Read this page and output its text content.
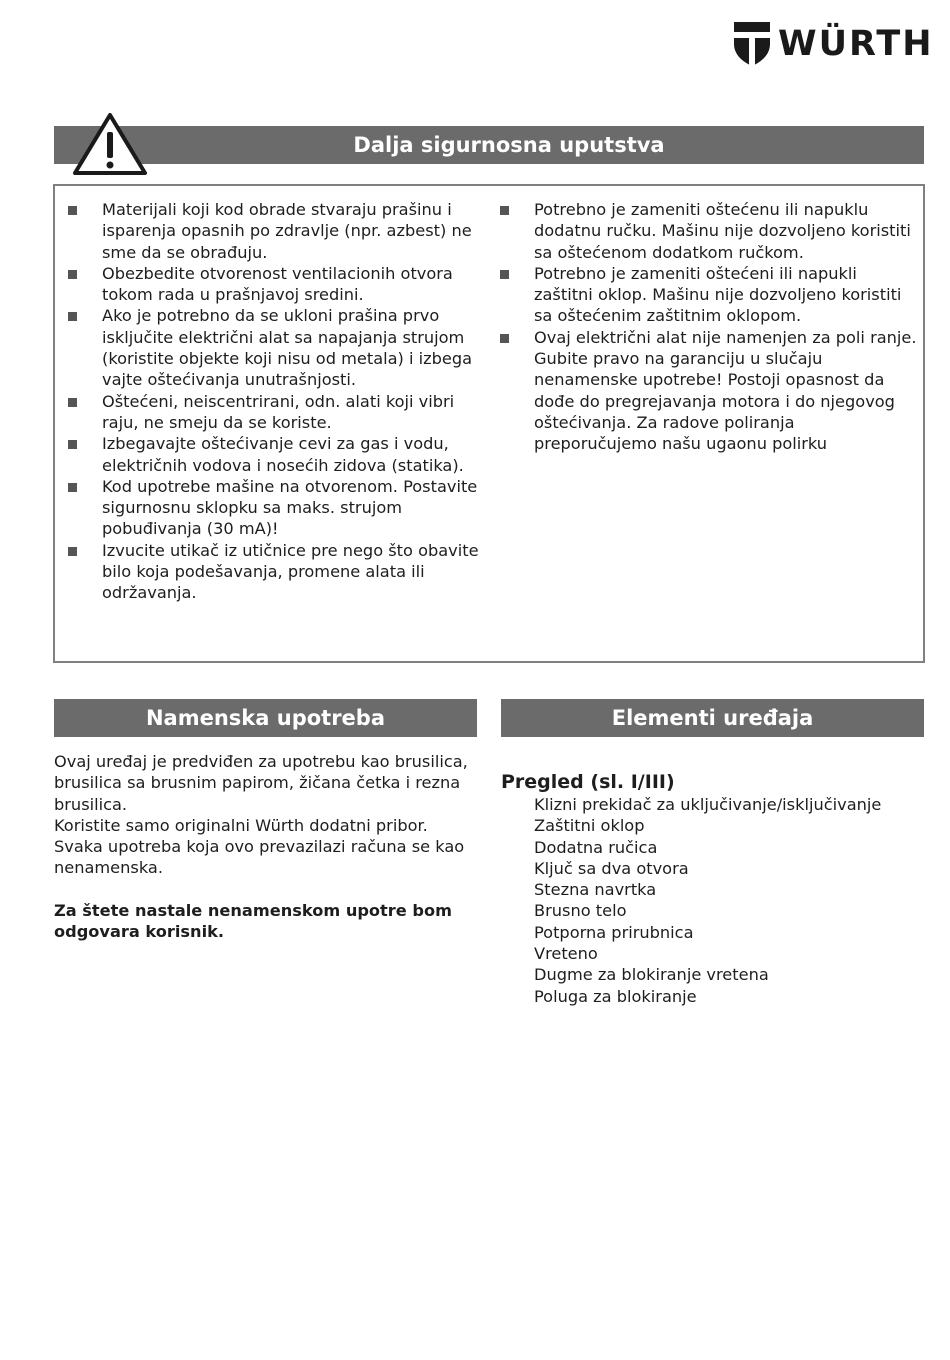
WÜRTH
Dalja sigurnosna uputstva
Materijali koji kod obrade stvaraju prašinu i isparenja opasnih po zdravlje (npr. azbest) ne sme da se obrađuju.
Obezbedite otvorenost ventilacionih otvora tokom rada u prašnjavoj sredini.
Ako je potrebno da se ukloni prašina prvo isključite električni alat sa napajanja strujom (koristite objekte koji nisu od metala) i izbega vajte oštećivanja unutrašnjosti.
Oštećeni, neiscentrirani, odn. alati koji vibri raju, ne smeju da se koriste.
Izbegavajte oštećivanje cevi za gas i vodu, električnih vodova i nosećih zidova (statika).
Kod upotrebe mašine na otvorenom. Postavite sigurnosnu sklopku sa maks. strujom pobuđivanja (30 mA)!
Izvucite utikač iz utičnice pre nego što obavite bilo koja podešavanja, promene alata ili održavanja.
Potrebno je zameniti oštećenu ili napuklu dodatnu ručku. Mašinu nije dozvoljeno koristiti sa oštećenom dodatkom ručkom.
Potrebno je zameniti oštećeni ili napukli zaštitni oklop. Mašinu nije dozvoljeno koristiti sa oštećenim zaštitnim oklopom.
Ovaj električni alat nije namenjen za poli ranje. Gubite pravo na garanciju u slučaju nenamenske upotrebe! Postoji opasnost da dođe do pregrejavanja motora i do njegovog oštećivanja. Za radove poliranja preporučujemo našu ugaonu polirku
Namenska upotreba	Elementi uređaja

Ovaj uređaj je predviđen za upotrebu kao brusilica, brusilica sa brusnim papirom, žičana četka i rezna brusilica.

Koristite samo originalni Würth dodatni pribor.

Svaka upotreba koja ovo prevazilazi računa se kao nenamenska.

Za štete nastale nenamenskom upotre bom odgovara korisnik.

Pregled (sl. I/III)
Klizni prekidač za uključivanje/isključivanje
Zaštitni oklop
Dodatna ručica
Ključ sa dva otvora
Stezna navrtka
Brusno telo
Potporna prirubnica
Vreteno
Dugme za blokiranje vretena
Poluga za blokiranje
